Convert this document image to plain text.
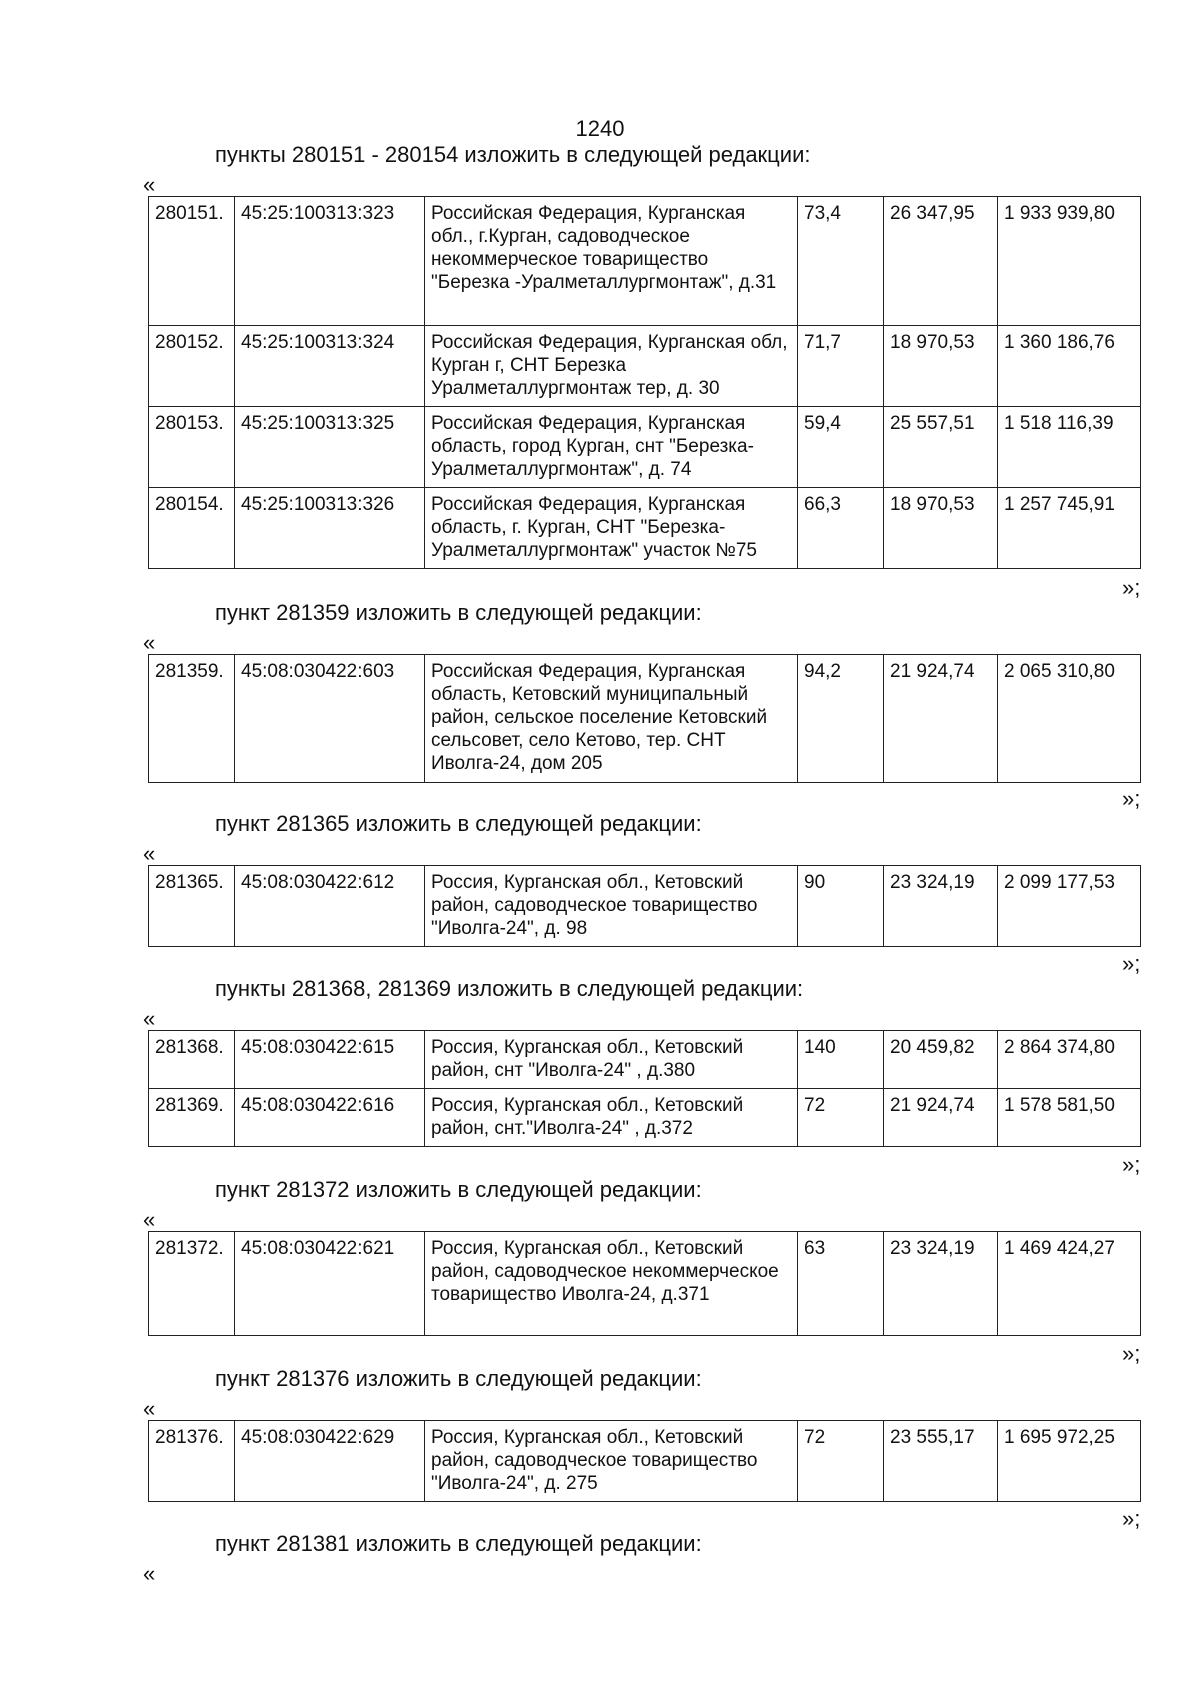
1240
пункты 280151 - 280154 изложить в следующей редакции:
«
280151.	45:25:100313:323	Российская Федерация, Курганская обл., г.Курган, садоводческое некоммерческое товарищество "Березка -Уралметаллургмонтаж", д.31	73,4	26 347,95	1 933 939,80
280152.	45:25:100313:324	Российская Федерация, Курганская обл, Курган г, СНТ Березка Уралметаллургмонтаж тер, д. 30	71,7	18 970,53	1 360 186,76
280153.	45:25:100313:325	Российская Федерация, Курганская область, город Курган, снт "Березка-Уралметаллургмонтаж", д. 74	59,4	25 557,51	1 518 116,39
280154.	45:25:100313:326	Российская Федерация, Курганская область, г. Курган, СНТ "Березка-Уралметаллургмонтаж" участок №75	66,3	18 970,53	1 257 745,91
»;
пункт 281359 изложить в следующей редакции:
«
281359.	45:08:030422:603	Российская Федерация, Курганская область, Кетовский муниципальный район, сельское поселение Кетовский сельсовет, село Кетово, тер. СНТ Иволга-24, дом 205	94,2	21 924,74	2 065 310,80
»;
пункт 281365 изложить в следующей редакции:
«
281365.	45:08:030422:612	Россия, Курганская обл., Кетовский район, садоводческое товарищество "Иволга-24", д. 98	90	23 324,19	2 099 177,53
»;
пункты 281368, 281369 изложить в следующей редакции:
«
281368.	45:08:030422:615	Россия, Курганская обл., Кетовский район, снт "Иволга-24" , д.380	140	20 459,82	2 864 374,80
281369.	45:08:030422:616	Россия, Курганская обл., Кетовский район, снт."Иволга-24" , д.372	72	21 924,74	1 578 581,50
»;
пункт 281372 изложить в следующей редакции:
«
281372.	45:08:030422:621	Россия, Курганская обл., Кетовский район, садоводческое некоммерческое товарищество Иволга-24, д.371	63	23 324,19	1 469 424,27
»;
пункт 281376 изложить в следующей редакции:
«
281376.	45:08:030422:629	Россия, Курганская обл., Кетовский район, садоводческое товарищество "Иволга-24", д. 275	72	23 555,17	1 695 972,25
»;
пункт 281381 изложить в следующей редакции:
«
